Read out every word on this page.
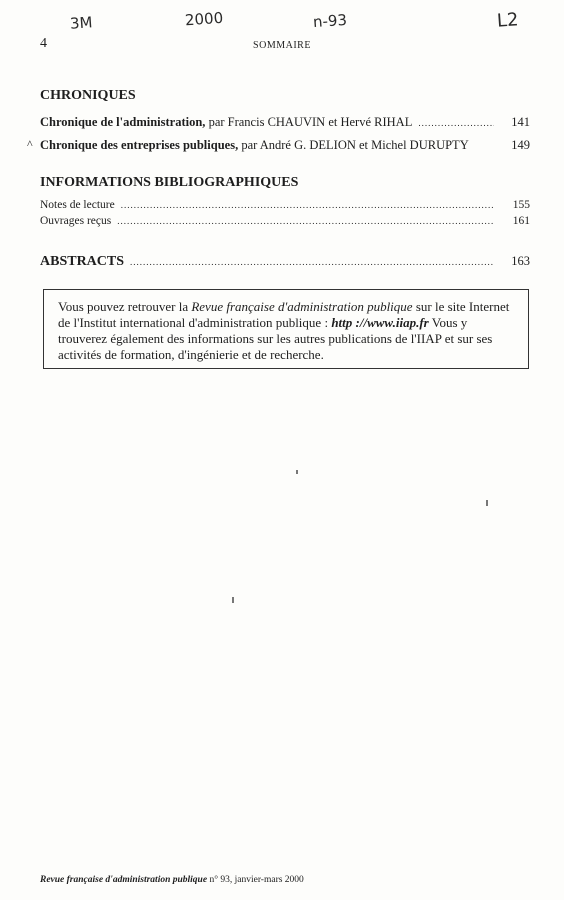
3M	2000	n-93	L2
4	SOMMAIRE
CHRONIQUES
Chronique de l'administration, par Francis CHAUVIN et Hervé RIHAL .....	141
Chronique des entreprises publiques, par André G. DELION et Michel DURUPTY	149
^
INFORMATIONS BIBLIOGRAPHIQUES
Notes de lecture .....	155
Ouvrages reçus .....	161
ABSTRACTS .....	163
Vous pouvez retrouver la Revue française d'administration publique sur le site Internet de l'Institut international d'administration publique : http ://www.iiap.fr Vous y trouverez également des informations sur les autres publications de l'IIAP et sur ses activités de formation, d'ingénierie et de recherche.
Revue française d'administration publique n° 93, janvier-mars 2000
